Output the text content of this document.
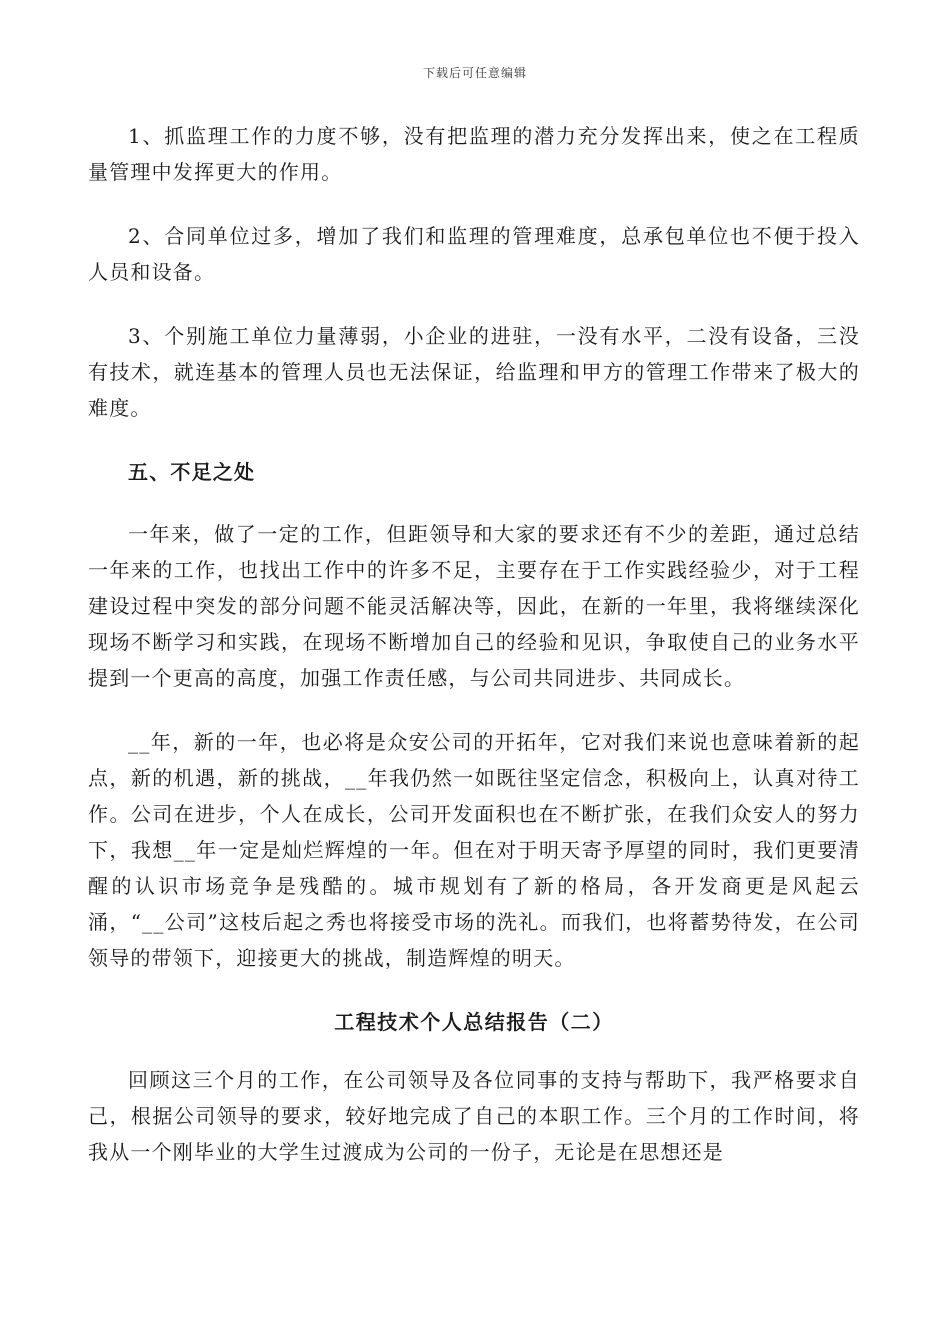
下载后可任意编辑

1、抓监理工作的力度不够，没有把监理的潜力充分发挥出来，使之在工程质量管理中发挥更大的作用。

2、合同单位过多，增加了我们和监理的管理难度，总承包单位也不便于投入人员和设备。

3、个别施工单位力量薄弱，小企业的进驻，一没有水平，二没有设备，三没有技术，就连基本的管理人员也无法保证，给监理和甲方的管理工作带来了极大的难度。

五、不足之处

一年来，做了一定的工作，但距领导和大家的要求还有不少的差距，通过总结一年来的工作，也找出工作中的许多不足，主要存在于工作实践经验少，对于工程建设过程中突发的部分问题不能灵活解决等，因此，在新的一年里，我将继续深化现场不断学习和实践，在现场不断增加自己的经验和见识，争取使自己的业务水平提到一个更高的高度，加强工作责任感，与公司共同进步、共同成长。

__年，新的一年，也必将是众安公司的开拓年，它对我们来说也意味着新的起点，新的机遇，新的挑战，__年我仍然一如既往坚定信念，积极向上，认真对待工作。公司在进步，个人在成长，公司开发面积也在不断扩张，在我们众安人的努力下，我想__年一定是灿烂辉煌的一年。但在对于明天寄予厚望的同时，我们更要清醒的认识市场竞争是残酷的。城市规划有了新的格局，各开发商更是风起云涌，“__公司”这枝后起之秀也将接受市场的洗礼。而我们，也将蓄势待发，在公司领导的带领下，迎接更大的挑战，制造辉煌的明天。

工程技术个人总结报告（二）

回顾这三个月的工作，在公司领导及各位同事的支持与帮助下，我严格要求自己，根据公司领导的要求，较好地完成了自己的本职工作。三个月的工作时间，将我从一个刚毕业的大学生过渡成为公司的一份子，无论是在思想还是
